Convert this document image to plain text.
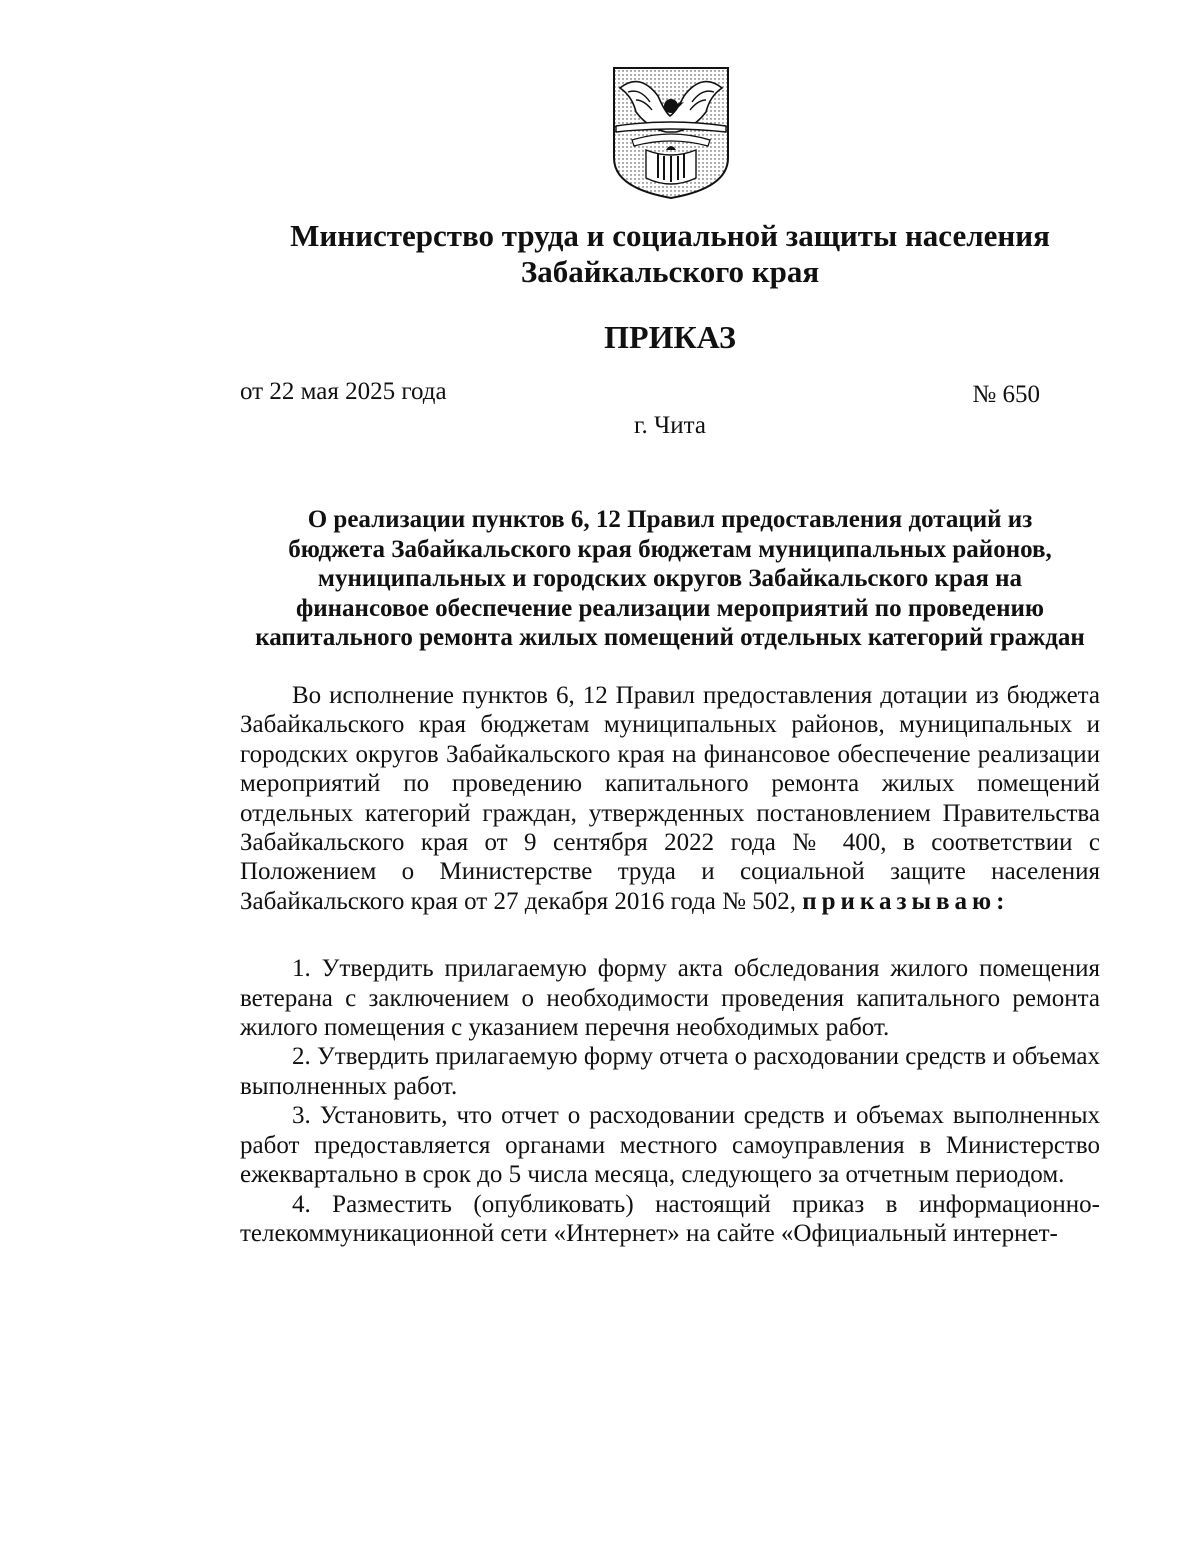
Министерство труда и социальной защиты населения
Забайкальского края
ПРИКАЗ
от 22 мая 2025 года	№ 650
г. Чита
О реализации пунктов 6, 12 Правил предоставления дотаций из
бюджета Забайкальского края бюджетам муниципальных районов,
муниципальных и городских округов Забайкальского края на
финансовое обеспечение реализации мероприятий по проведению
капитального ремонта жилых помещений отдельных категорий граждан

Во исполнение пунктов 6, 12 Правил предоставления дотации из бюджета Забайкальского края бюджетам муниципальных районов, муниципальных и городских округов Забайкальского края на финансовое обеспечение реализации мероприятий по проведению капитального ремонта жилых помещений отдельных категорий граждан, утвержденных постановлением Правительства Забайкальского края от 9 сентября 2022 года № 400, в соответствии с Положением о Министерстве труда и социальной защите населения Забайкальского края от 27 декабря 2016 года № 502, приказываю:

1. Утвердить прилагаемую форму акта обследования жилого помещения ветерана с заключением о необходимости проведения капитального ремонта жилого помещения с указанием перечня необходимых работ.

2. Утвердить прилагаемую форму отчета о расходовании средств и объемах выполненных работ.

3. Установить, что отчет о расходовании средств и объемах выполненных работ предоставляется органами местного самоуправления в Министерство ежеквартально в срок до 5 числа месяца, следующего за отчетным периодом.

4. Разместить (опубликовать) настоящий приказ в информационно-телекоммуникационной сети «Интернет» на сайте «Официальный интернет-
